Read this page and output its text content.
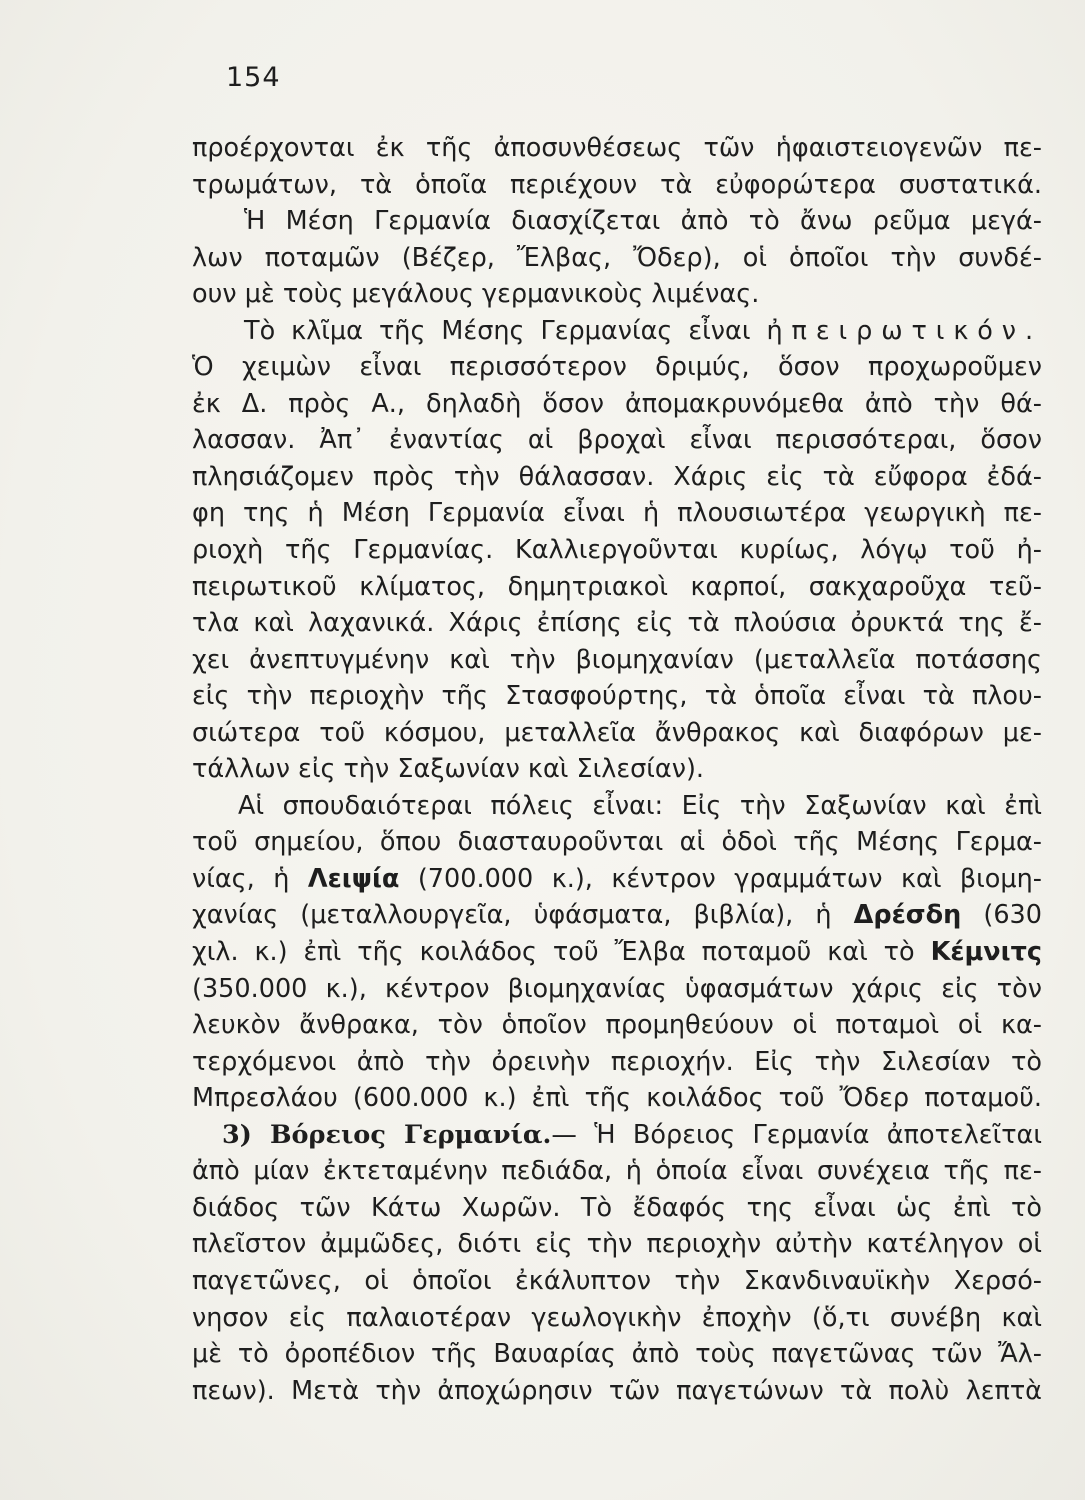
154
προέρχονται ἐκ τῆς ἀποσυνθέσεως τῶν ἡφαιστειογενῶν πε-
τρωμάτων, τὰ ὁποῖα περιέχουν τὰ εὐφορώτερα συστατικά.
Ἡ Μέση Γερμανία διασχίζεται ἀπὸ τὸ ἄνω ρεῦμα μεγά-
λων ποταμῶν (Βέζερ, Ἔλβας, Ὄδερ), οἱ ὁποῖοι τὴν συνδέ-
ουν μὲ τοὺς μεγάλους γερμανικοὺς λιμένας.
Τὸ κλῖμα τῆς Μέσης Γερμανίας εἶναι ἠπειρωτικόν.
Ὁ χειμὼν εἶναι περισσότερον δριμύς, ὅσον προχωροῦμεν
ἐκ Δ. πρὸς Α., δηλαδὴ ὅσον ἀπομακρυνόμεθα ἀπὸ τὴν θά-
λασσαν. Ἀπ᾽ ἐναντίας αἱ βροχαὶ εἶναι περισσότεραι, ὅσον
πλησιάζομεν πρὸς τὴν θάλασσαν. Χάρις εἰς τὰ εὔφορα ἐδά-
φη της ἡ Μέση Γερμανία εἶναι ἡ πλουσιωτέρα γεωργικὴ πε-
ριοχὴ τῆς Γερμανίας. Καλλιεργοῦνται κυρίως, λόγῳ τοῦ ἠ-
πειρωτικοῦ κλίματος, δημητριακοὶ καρποί, σακχαροῦχα τεῦ-
τλα καὶ λαχανικά. Χάρις ἐπίσης εἰς τὰ πλούσια ὀρυκτά της ἔ-
χει ἀνεπτυγμένην καὶ τὴν βιομηχανίαν (μεταλλεῖα ποτάσσης
εἰς τὴν περιοχὴν τῆς Στασφούρτης, τὰ ὁποῖα εἶναι τὰ πλου-
σιώτερα τοῦ κόσμου, μεταλλεῖα ἄνθρακος καὶ διαφόρων με-
τάλλων εἰς τὴν Σαξωνίαν καὶ Σιλεσίαν).
Αἱ σπουδαιότεραι πόλεις εἶναι: Εἰς τὴν Σαξωνίαν καὶ ἐπὶ
τοῦ σημείου, ὅπου διασταυροῦνται αἱ ὁδοὶ τῆς Μέσης Γερμα-
νίας, ἡ Λειψία (700.000 κ.), κέντρον γραμμάτων καὶ βιομη-
χανίας (μεταλλουργεῖα, ὑφάσματα, βιβλία), ἡ Δρέσδη (630
χιλ. κ.) ἐπὶ τῆς κοιλάδος τοῦ Ἔλβα ποταμοῦ καὶ τὸ Κέμνιτς
(350.000 κ.), κέντρον βιομηχανίας ὑφασμάτων χάρις εἰς τὸν
λευκὸν ἄνθρακα, τὸν ὁποῖον προμηθεύουν οἱ ποταμοὶ οἱ κα-
τερχόμενοι ἀπὸ τὴν ὀρεινὴν περιοχήν. Εἰς τὴν Σιλεσίαν τὸ
Μπρεσλάου (600.000 κ.) ἐπὶ τῆς κοιλάδος τοῦ Ὄδερ ποταμοῦ.
3) Βόρειος Γερμανία.— Ἡ Βόρειος Γερμανία ἀποτελεῖται
ἀπὸ μίαν ἐκτεταμένην πεδιάδα, ἡ ὁποία εἶναι συνέχεια τῆς πε-
διάδος τῶν Κάτω Χωρῶν. Τὸ ἔδαφός της εἶναι ὡς ἐπὶ τὸ
πλεῖστον ἀμμῶδες, διότι εἰς τὴν περιοχὴν αὐτὴν κατέληγον οἱ
παγετῶνες, οἱ ὁποῖοι ἐκάλυπτον τὴν Σκανδιναυϊκὴν Χερσό-
νησον εἰς παλαιοτέραν γεωλογικὴν ἐποχὴν (ὅ,τι συνέβη καὶ
μὲ τὸ ὀροπέδιον τῆς Βαυαρίας ἀπὸ τοὺς παγετῶνας τῶν Ἄλ-
πεων). Μετὰ τὴν ἀποχώρησιν τῶν παγετώνων τὰ πολὺ λεπτὰ
